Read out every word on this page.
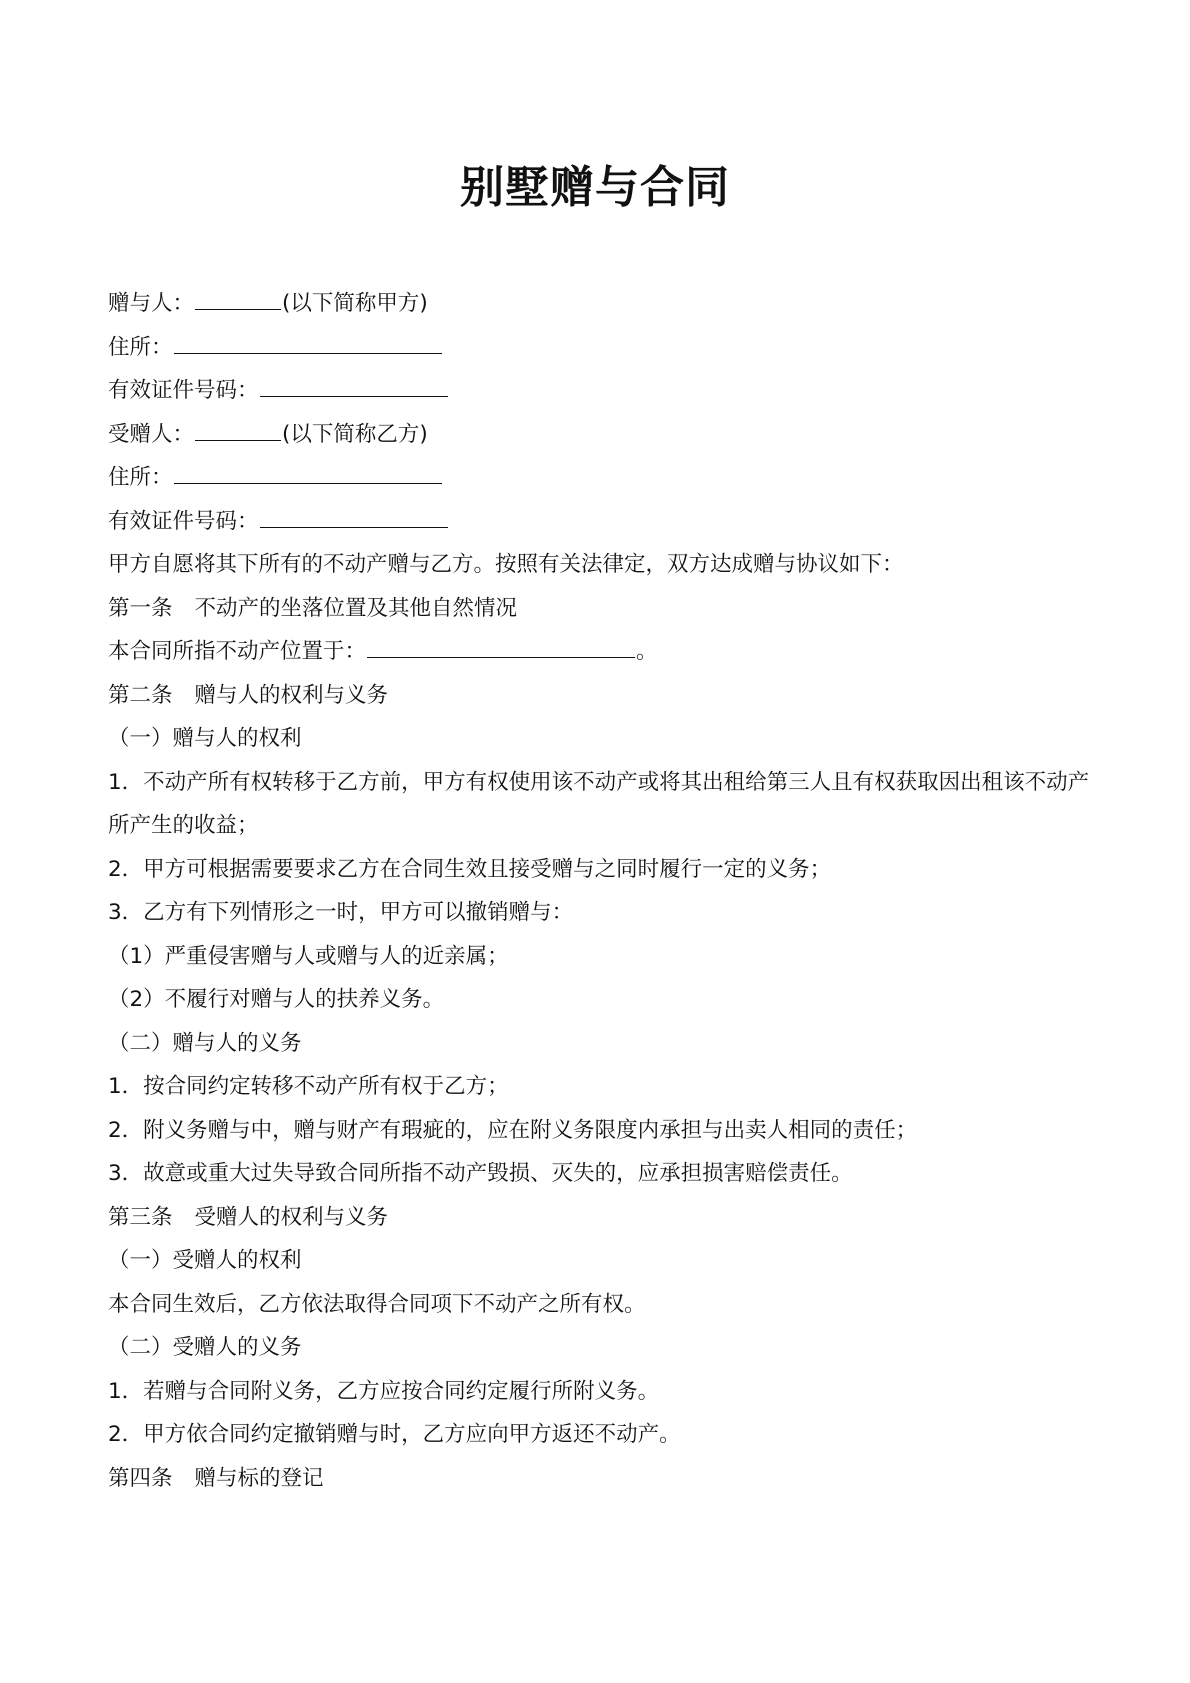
别墅赠与合同
赠与人：	(以下简称甲方)
住所：
有效证件号码：
受赠人：	(以下简称乙方)
住所：
有效证件号码：
甲方自愿将其下所有的不动产赠与乙方。按照有关法律定，双方达成赠与协议如下：
第一条 不动产的坐落位置及其他自然情况
本合同所指不动产位置于：	。
第二条 赠与人的权利与义务
（一）赠与人的权利
1．不动产所有权转移于乙方前，甲方有权使用该不动产或将其出租给第三人且有权获取因出租该不动产所产生的收益；
2．甲方可根据需要要求乙方在合同生效且接受赠与之同时履行一定的义务；
3．乙方有下列情形之一时，甲方可以撤销赠与：
（1）严重侵害赠与人或赠与人的近亲属；
（2）不履行对赠与人的扶养义务。
（二）赠与人的义务
1．按合同约定转移不动产所有权于乙方；
2．附义务赠与中，赠与财产有瑕疵的，应在附义务限度内承担与出卖人相同的责任；
3．故意或重大过失导致合同所指不动产毁损、灭失的，应承担损害赔偿责任。
第三条 受赠人的权利与义务
（一）受赠人的权利
本合同生效后，乙方依法取得合同项下不动产之所有权。
（二）受赠人的义务
1．若赠与合同附义务，乙方应按合同约定履行所附义务。
2．甲方依合同约定撤销赠与时，乙方应向甲方返还不动产。
第四条 赠与标的登记
